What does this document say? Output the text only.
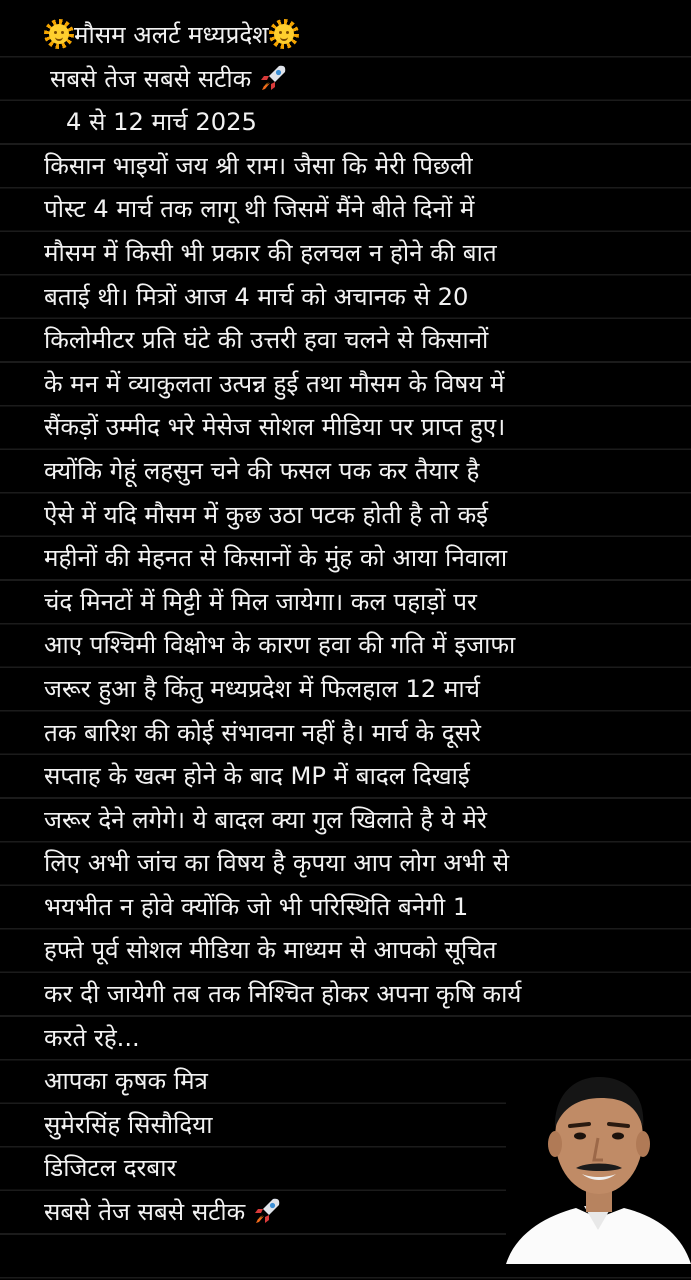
मौसम अलर्ट मध्यप्रदेश
सबसे तेज सबसे सटीक
4 से 12 मार्च 2025
किसान भाइयों जय श्री राम। जैसा कि मेरी पिछली
पोस्ट 4 मार्च तक लागू थी जिसमें मैंने बीते दिनों में
मौसम में किसी भी प्रकार की हलचल न होने की बात
बताई थी। मित्रों आज 4 मार्च को अचानक से 20
किलोमीटर प्रति घंटे की उत्तरी हवा चलने से किसानों
के मन में व्याकुलता उत्पन्न हुई तथा मौसम के विषय में
सैंकड़ों उम्मीद भरे मेसेज सोशल मीडिया पर प्राप्त हुए।
क्योंकि गेहूं लहसुन चने की फसल पक कर तैयार है
ऐसे में यदि मौसम में कुछ उठा पटक होती है तो कई
महीनों की मेहनत से किसानों के मुंह को आया निवाला
चंद मिनटों में मिट्टी में मिल जायेगा। कल पहाड़ों पर
आए पश्चिमी विक्षोभ के कारण हवा की गति में इजाफा
जरूर हुआ है किंतु मध्यप्रदेश में फिलहाल 12 मार्च
तक बारिश की कोई संभावना नहीं है। मार्च के दूसरे
सप्ताह के खत्म होने के बाद MP में बादल दिखाई
जरूर देने लगेगे। ये बादल क्या गुल खिलाते है ये मेरे
लिए अभी जांच का विषय है कृपया आप लोग अभी से
भयभीत न होवे क्योंकि जो भी परिस्थिति बनेगी 1
हफ्ते पूर्व सोशल मीडिया के माध्यम से आपको सूचित
कर दी जायेगी तब तक निश्चित होकर अपना कृषि कार्य
करते रहे...
आपका कृषक मित्र
सुमेरसिंह सिसौदिया
डिजिटल दरबार
सबसे तेज सबसे सटीक
